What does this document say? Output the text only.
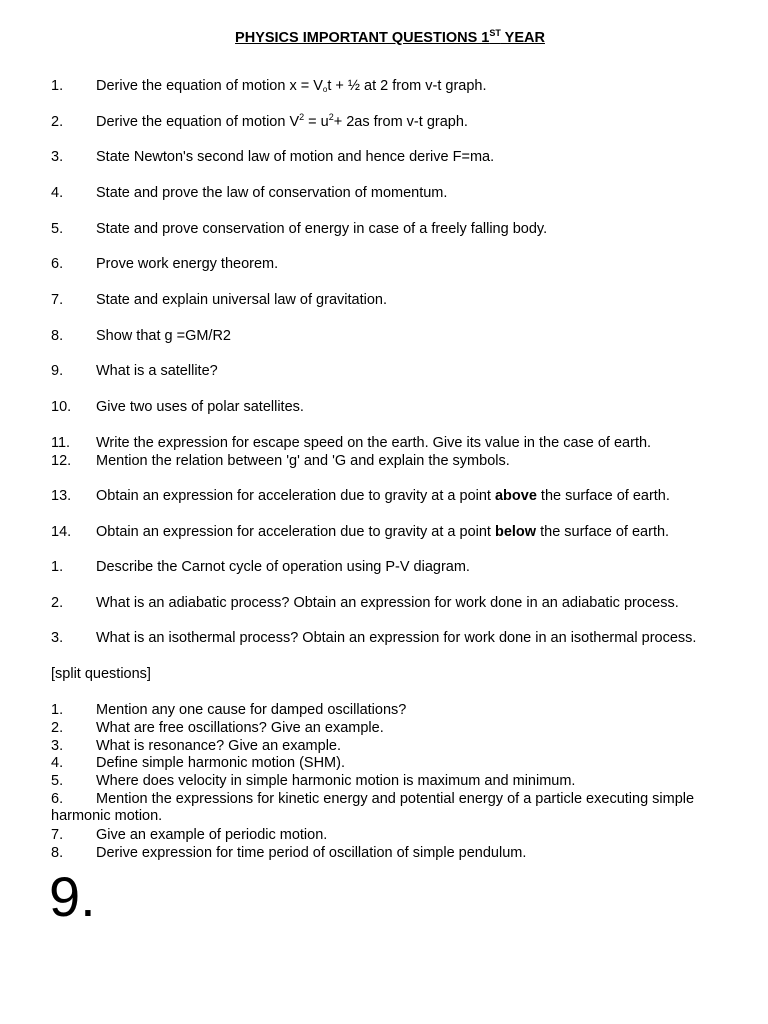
PHYSICS IMPORTANT QUESTIONS 1ST YEAR
1. Derive the equation of motion $x = V_ot$ + ½ at 2 from v-t graph.
2. Derive the equation of motion $V^2 = u^2+ 2as$ from v-t graph.
3. State Newton's second law of motion and hence derive F=ma.
4. State and prove the law of conservation of momentum.
5. State and prove conservation of energy in case of a freely falling body.
6. Prove work energy theorem.
7. State and explain universal law of gravitation.
8. Show that g =GM/R2
9. What is a satellite?
10. Give two uses of polar satellites.
11. Write the expression for escape speed on the earth. Give its value in the case of earth.
12. Mention the relation between 'g' and 'G and explain the symbols.
13. Obtain an expression for acceleration due to gravity at a point above the surface of earth.
14. Obtain an expression for acceleration due to gravity at a point below the surface of earth.
1. Describe the Carnot cycle of operation using P-V diagram.
2. What is an adiabatic process? Obtain an expression for work done in an adiabatic process.
3. What is an isothermal process? Obtain an expression for work done in an isothermal process.
[split questions]
1. Mention any one cause for damped oscillations?
2. What are free oscillations? Give an example.
3. What is resonance? Give an example.
4. Define simple harmonic motion (SHM).
5. Where does velocity in simple harmonic motion is maximum and minimum.
6. Mention the expressions for kinetic energy and potential energy of a particle executing simple harmonic motion.
7. Give an example of periodic motion.
8. Derive expression for time period of oscillation of simple pendulum.
9.
